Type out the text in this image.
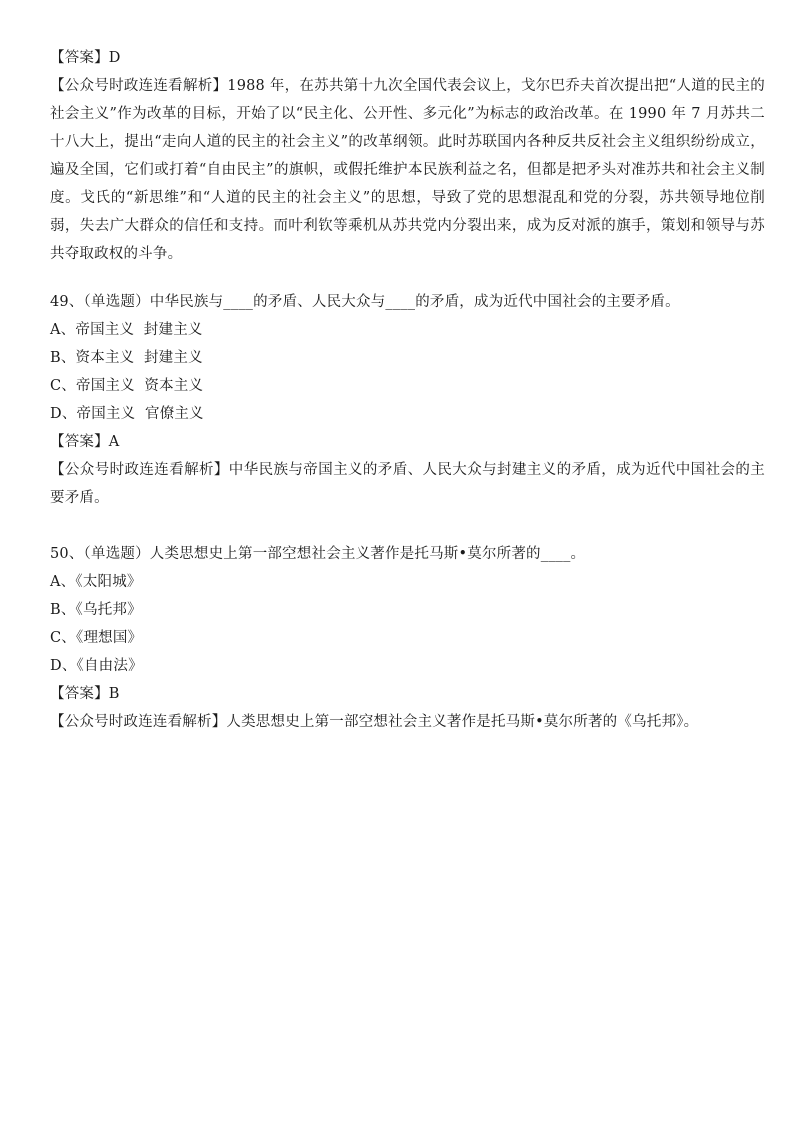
【答案】D
【公众号时政连连看解析】1988 年，在苏共第十九次全国代表会议上，戈尔巴乔夫首次提出把“人道的民主的社会主义”作为改革的目标，开始了以“民主化、公开性、多元化”为标志的政治改革。在 1990 年 7 月苏共二十八大上，提出“走向人道的民主的社会主义”的改革纲领。此时苏联国内各种反共反社会主义组织纷纷成立，遍及全国，它们或打着“自由民主”的旗帜，或假托维护本民族利益之名，但都是把矛头对准苏共和社会主义制度。戈氏的“新思维”和“人道的民主的社会主义”的思想，导致了党的思想混乱和党的分裂，苏共领导地位削弱，失去广大群众的信任和支持。而叶利钦等乘机从苏共党内分裂出来，成为反对派的旗手，策划和领导与苏共夺取政权的斗争。
49、（单选题）中华民族与____的矛盾、人民大众与____的矛盾，成为近代中国社会的主要矛盾。
A、帝国主义  封建主义
B、资本主义  封建主义
C、帝国主义  资本主义
D、帝国主义  官僚主义
【答案】A
【公众号时政连连看解析】中华民族与帝国主义的矛盾、人民大众与封建主义的矛盾，成为近代中国社会的主要矛盾。
50、（单选题）人类思想史上第一部空想社会主义著作是托马斯•莫尔所著的____。
A、《太阳城》
B、《乌托邦》
C、《理想国》
D、《自由法》
【答案】B
【公众号时政连连看解析】人类思想史上第一部空想社会主义著作是托马斯•莫尔所著的《乌托邦》。
